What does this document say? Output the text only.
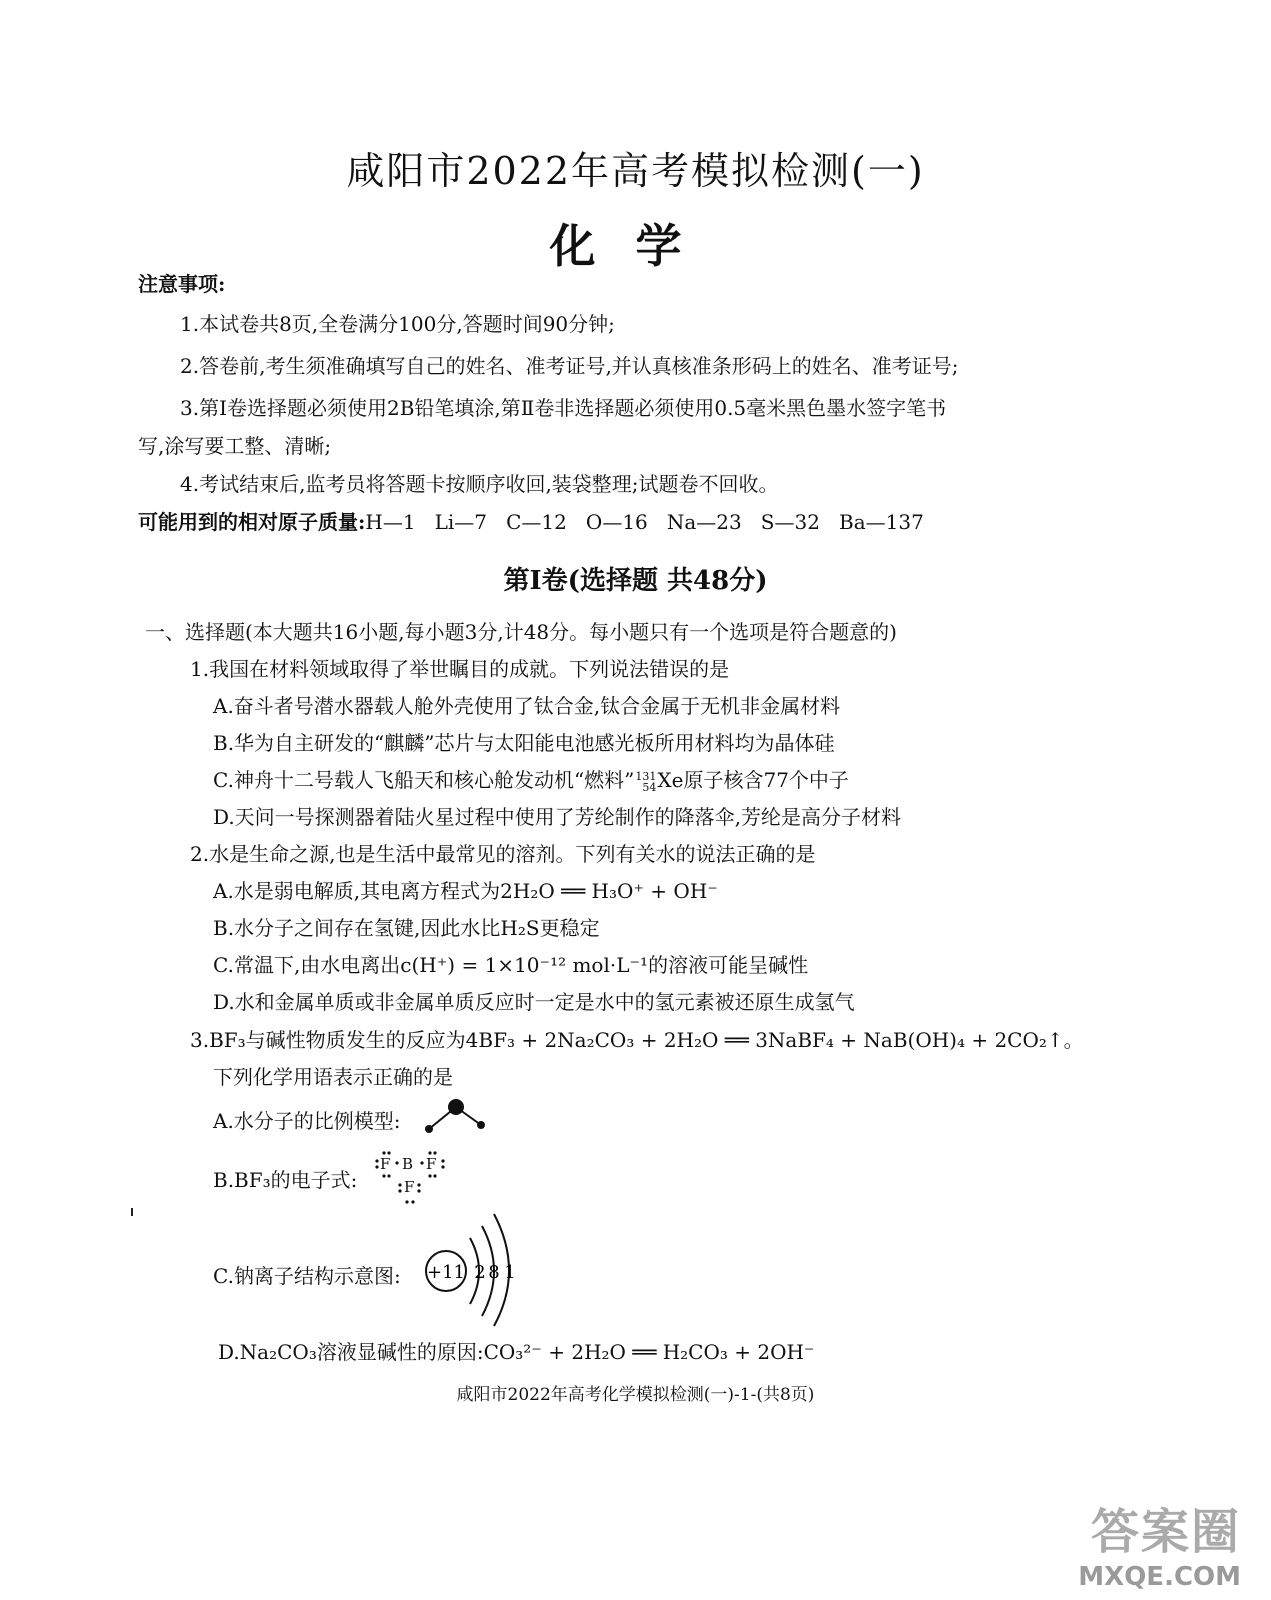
咸阳市2022年高考模拟检测(一)
化学
注意事项:
1.本试卷共8页,全卷满分100分,答题时间90分钟;
2.答卷前,考生须准确填写自己的姓名、准考证号,并认真核准条形码上的姓名、准考证号;
3.第Ⅰ卷选择题必须使用2B铅笔填涂,第Ⅱ卷非选择题必须使用0.5毫米黑色墨水签字笔书
写,涂写要工整、清晰;
4.考试结束后,监考员将答题卡按顺序收回,装袋整理;试题卷不回收。
可能用到的相对原子质量:H—1   Li—7   C—12   O—16   Na—23   S—32   Ba—137
第Ⅰ卷(选择题 共48分)
一、选择题(本大题共16小题,每小题3分,计48分。每小题只有一个选项是符合题意的)
1.我国在材料领域取得了举世瞩目的成就。下列说法错误的是
A.奋斗者号潜水器载人舱外壳使用了钛合金,钛合金属于无机非金属材料
B.华为自主研发的“麒麟”芯片与太阳能电池感光板所用材料均为晶体硅
C.神舟十二号载人飞船天和核心舱发动机“燃料” 131
54 Xe原子核含77个中子
D.天问一号探测器着陆火星过程中使用了芳纶制作的降落伞,芳纶是高分子材料
2.水是生命之源,也是生活中最常见的溶剂。下列有关水的说法正确的是
A.水是弱电解质,其电离方程式为2H₂O ══ H₃O⁺ + OH⁻
B.水分子之间存在氢键,因此水比H₂S更稳定
C.常温下,由水电离出c(H⁺) = 1×10⁻¹² mol·L⁻¹的溶液可能呈碱性
D.水和金属单质或非金属单质反应时一定是水中的氢元素被还原生成氢气
3.BF₃与碱性物质发生的反应为4BF₃ + 2Na₂CO₃ + 2H₂O ══ 3NaBF₄ + NaB(OH)₄ + 2CO₂↑。
下列化学用语表示正确的是
A.水分子的比例模型:
B.BF₃的电子式:
F B F
F
C.钠离子结构示意图: +11 2 8 1
D.Na₂CO₃溶液显碱性的原因:CO₃²⁻ + 2H₂O ══ H₂CO₃ + 2OH⁻
咸阳市2022年高考化学模拟检测(一)-1-(共8页)
答案圈
MXQE.COM
